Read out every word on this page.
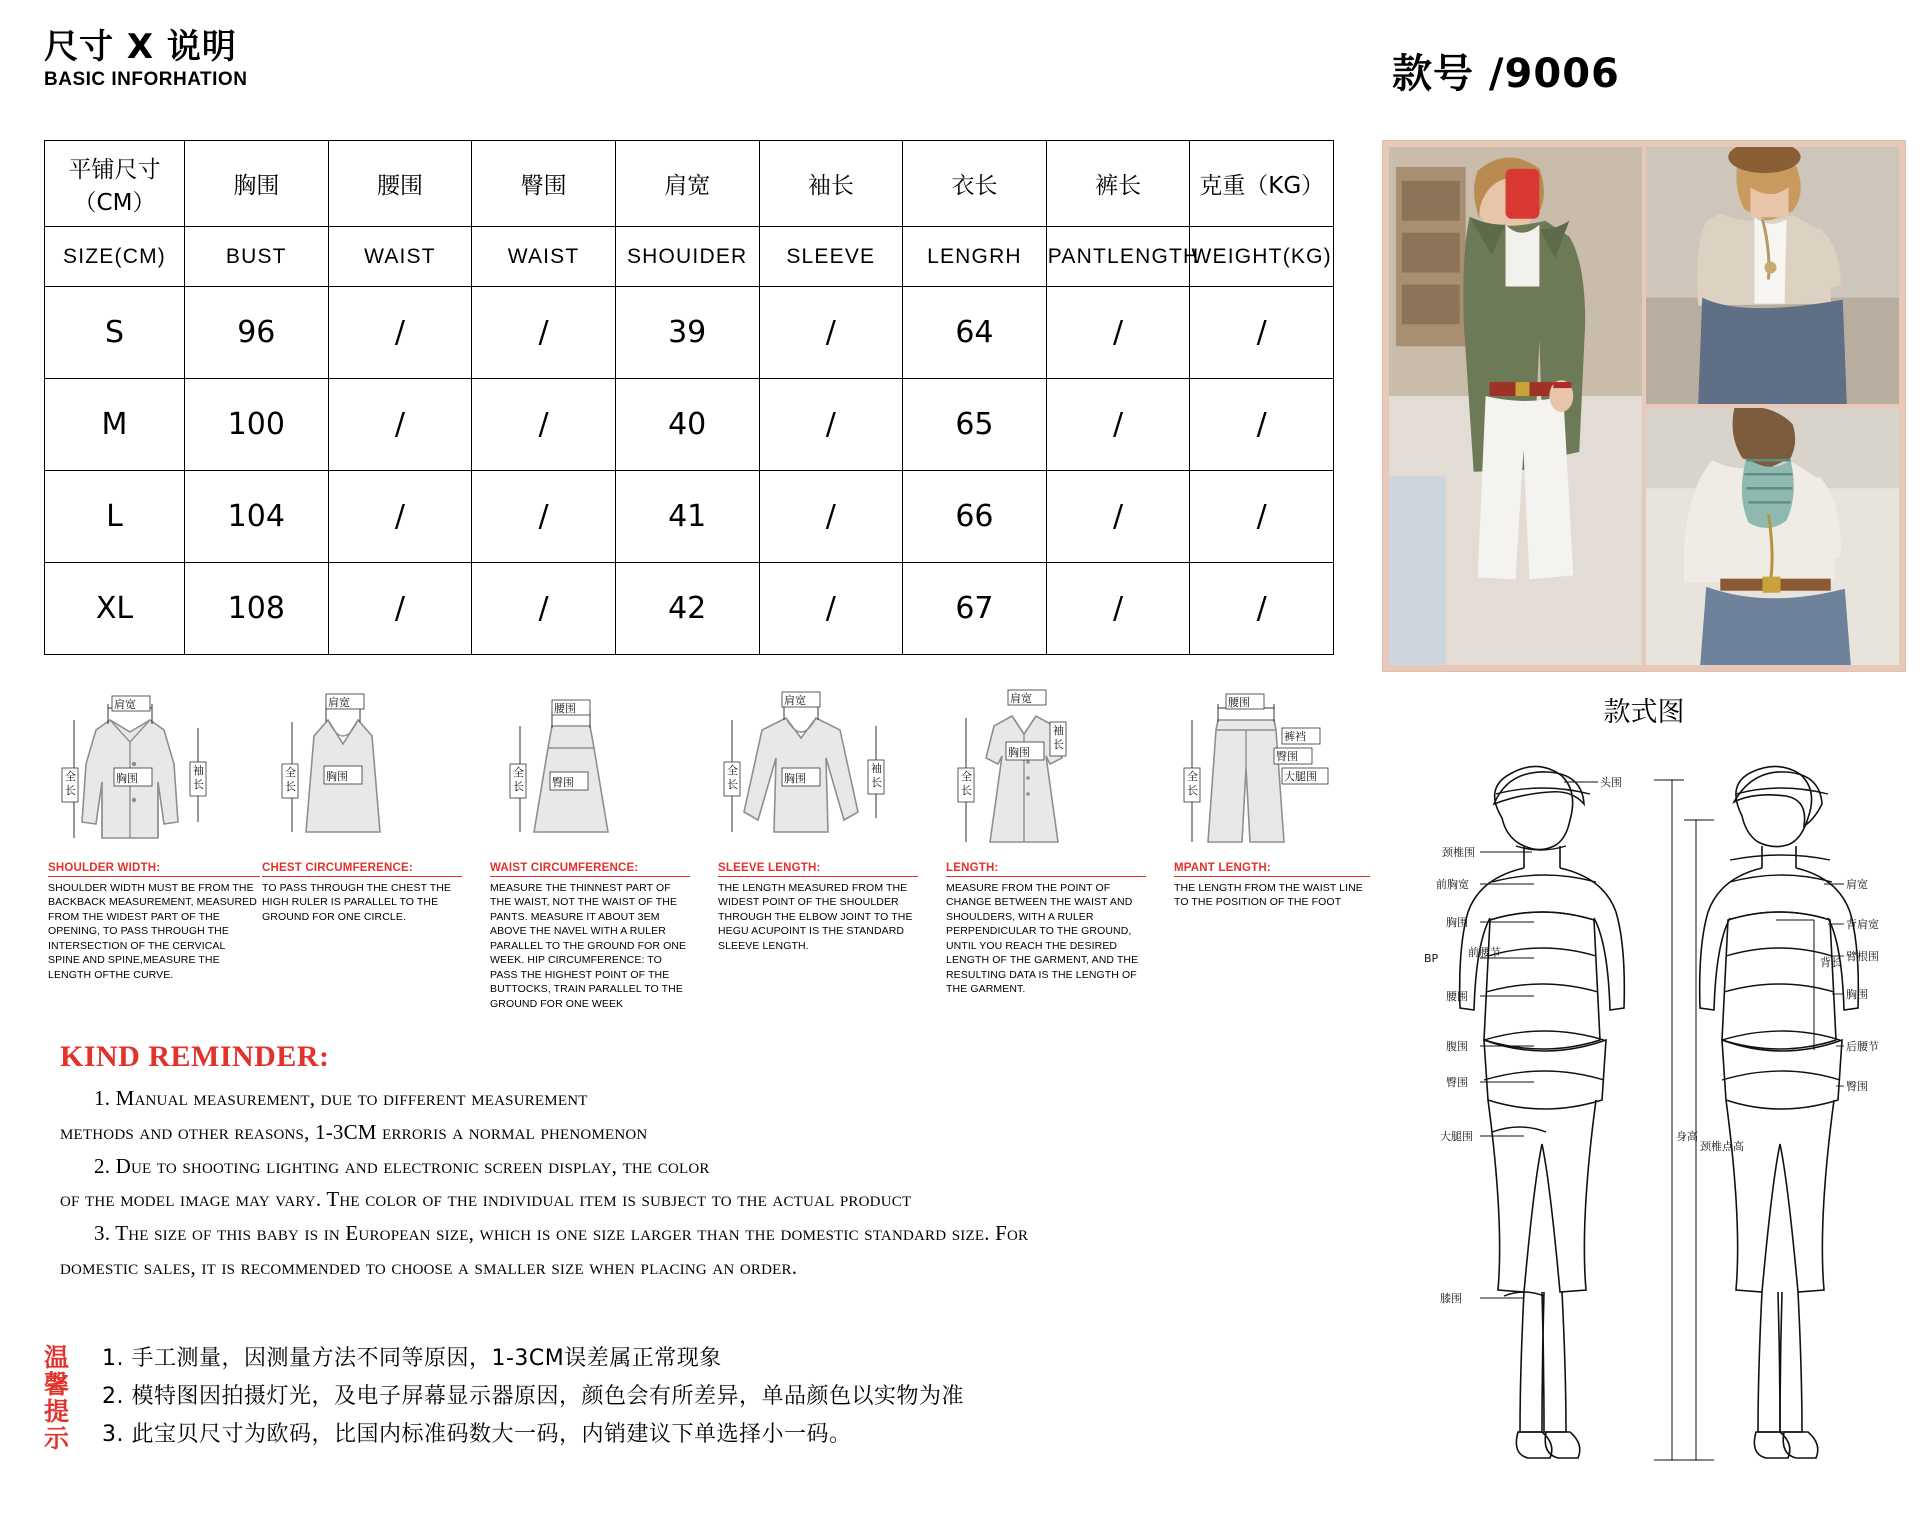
尺寸 X 说明
BASIC INFORHATION
平铺尺寸
（CM）	胸围	腰围	臀围	肩宽	袖长	衣长	裤长	克重（KG）
SIZE(CM)	BUST	WAIST	WAIST	SHOUIDER	SLEEVE	LENGRH	PANTLENGTH	WEIGHT(KG)
S	96	/	/	39	/	64	/	/
M	100	/	/	40	/	65	/	/
L	104	/	/	41	/	66	/	/
XL	108	/	/	42	/	67	/	/
肩宽
全
长
胸围
袖
长
SHOULDER WIDTH:
SHOULDER WIDTH MUST BE FROM THE BACKBACK MEASUREMENT, MEASURED FROM THE WIDEST PART OF THE OPENING, TO PASS THROUGH THE INTERSECTION OF THE CERVICAL SPINE AND SPINE,MEASURE THE LENGTH OFTHE CURVE.
肩宽
全
长
胸围
CHEST CIRCUMFERENCE:
TO PASS THROUGH THE CHEST THE HIGH RULER IS PARALLEL TO THE GROUND FOR ONE CIRCLE.
腰围
全
长	臀围
WAIST CIRCUMFERENCE:
MEASURE THE THINNEST PART OF THE WAIST, NOT THE WAIST OF THE PANTS. MEASURE IT ABOUT 3EM ABOVE THE NAVEL WITH A RULER PARALLEL TO THE GROUND FOR ONE WEEK. HIP CIRCUMFERENCE: TO PASS THE HIGHEST POINT OF THE BUTTOCKS, TRAIN PARALLEL TO THE GROUND FOR ONE WEEK
肩宽
全
长	胸围
袖
长
SLEEVE LENGTH:
THE LENGTH MEASURED FROM THE WIDEST POINT OF THE SHOULDER THROUGH THE ELBOW JOINT TO THE HEGU ACUPOINT IS THE STANDARD SLEEVE LENGTH.
肩宽
全
长
胸围
袖
长
LENGTH:
MEASURE FROM THE POINT OF CHANGE BETWEEN THE WAIST AND SHOULDERS, WITH A RULER PERPENDICULAR TO THE GROUND, UNTIL YOU REACH THE DESIRED LENGTH OF THE GARMENT, AND THE RESULTING DATA IS THE LENGTH OF THE GARMENT.
腰围
全
长
裤裆
臀围
大腿围
MPANT LENGTH:
THE LENGTH FROM THE WAIST LINE TO THE POSITION OF THE FOOT
KIND REMINDER:

1. Manual measurement, due to different measurement

methods and other reasons, 1-3CM erroris a normal phenomenon

2. Due to shooting lighting and electronic screen display, the color

of the model image may vary. The color of the individual item is subject to the actual product

3. The size of this baby is in European size, which is one size larger than the domestic standard size. For

domestic sales, it is recommended to choose a smaller size when placing an order.

温
馨
提
示
1. 手工测量，因测量方法不同等原因，1-3CM误差属正常现象
2. 模特图因拍摄灯光，及电子屏幕显示器原因，颜色会有所差异，单品颜色以实物为准
3. 此宝贝尺寸为欧码，比国内标准码数大一码，内销建议下单选择小一码。
款号 /9006
款式图
头围
颈椎围
前胸宽
胸围
BP	前腰节
腰围
腹围
臀围
大腿围
膝围
身高
颈椎点高
肩宽
背肩宽
臂根围
胸围
后腰节
背长
臀围
